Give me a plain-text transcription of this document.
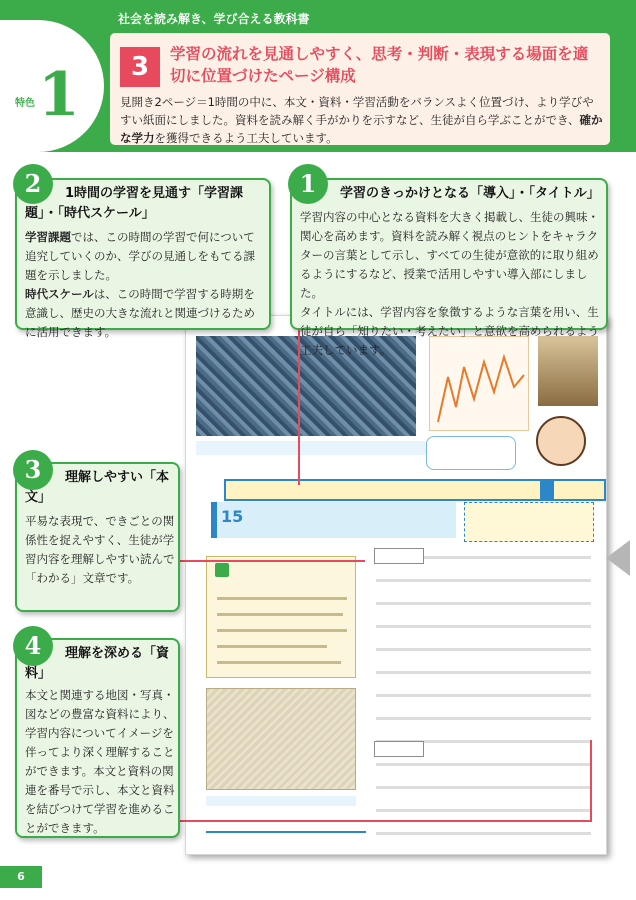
社会を読み解き、学び合える教科書
特色 1	3	学習の流れを見通しやすく、思考・判断・表現する場面を適切に位置づけたページ構成
見開き2ページ＝1時間の中に、本文・資料・学習活動をバランスよく位置づけ、より学びやすい紙面にしました。資料を読み解く手がかりを示すなど、生徒が自ら学ぶことができ、確かな学力を獲得できるよう工夫しています。
15
2	1時間の学習を見通す「学習課題」・「時代スケール」
学習課題では、この時間の学習で何について追究していくのか、学びの見通しをもてる課題を示しました。
時代スケールは、この時間で学習する時期を意識し、歴史の大きな流れと関連づけるために活用できます。
1	学習のきっかけとなる「導入」・「タイトル」
学習内容の中心となる資料を大きく掲載し、生徒の興味・関心を高めます。資料を読み解く視点のヒントをキャラクターの言葉として示し、すべての生徒が意欲的に取り組めるようにするなど、授業で活用しやすい導入部にしました。
タイトルには、学習内容を象徴するような言葉を用い、生徒が自ら「知りたい・考えたい」と意欲を高められるよう工夫しています。
3	理解しやすい「本文」
平易な表現で、できごとの関係性を捉えやすく、生徒が学習内容を理解しやすい読んで「わかる」文章です。
4	理解を深める「資料」
本文と関連する地図・写真・図などの豊富な資料により、学習内容についてイメージを伴ってより深く理解することができます。本文と資料の関連を番号で示し、本文と資料を結びつけて学習を進めることができます。
6
